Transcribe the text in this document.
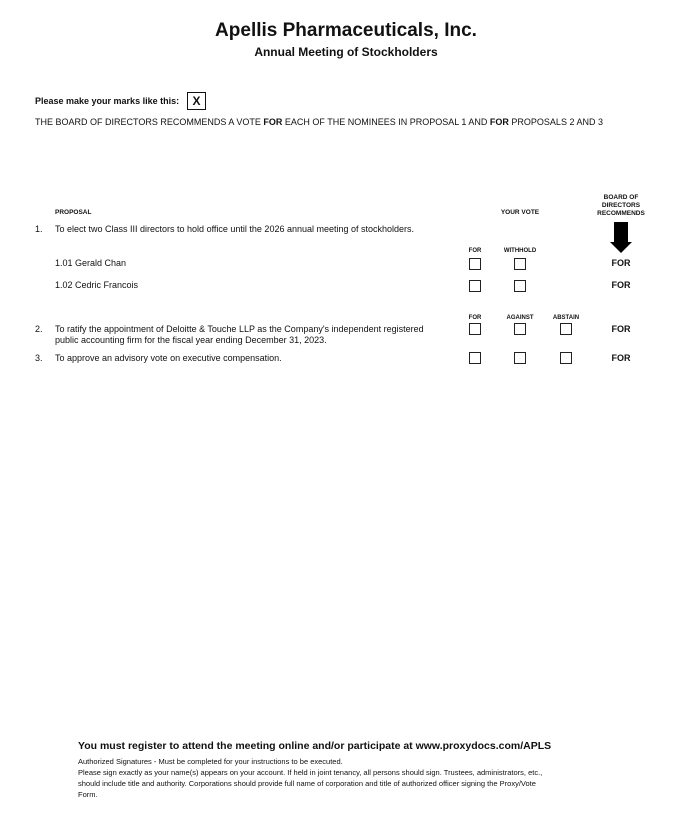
Apellis Pharmaceuticals, Inc.
Annual Meeting of Stockholders
Please make your marks like this:	X
THE BOARD OF DIRECTORS RECOMMENDS A VOTE FOR EACH OF THE NOMINEES IN PROPOSAL 1 AND FOR PROPOSALS 2 AND 3
PROPOSAL	YOUR VOTE
BOARD OF DIRECTORS RECOMMENDS
1. To elect two Class III directors to hold office until the 2026 annual meeting of stockholders.
FOR	WITHHOLD
1.01 Gerald Chan	FOR
1.02 Cedric Francois	FOR
FOR	AGAINST	ABSTAIN
2. To ratify the appointment of Deloitte & Touche LLP as the Company's independent registered
public accounting firm for the fiscal year ending December 31, 2023.
FOR
3. To approve an advisory vote on executive compensation.	FOR
You must register to attend the meeting online and/or participate at www.proxydocs.com/APLS
Authorized Signatures - Must be completed for your instructions to be executed.
Please sign exactly as your name(s) appears on your account. If held in joint tenancy, all persons should sign. Trustees, administrators, etc.,
should include title and authority. Corporations should provide full name of corporation and title of authorized officer signing the Proxy/Vote
Form.
